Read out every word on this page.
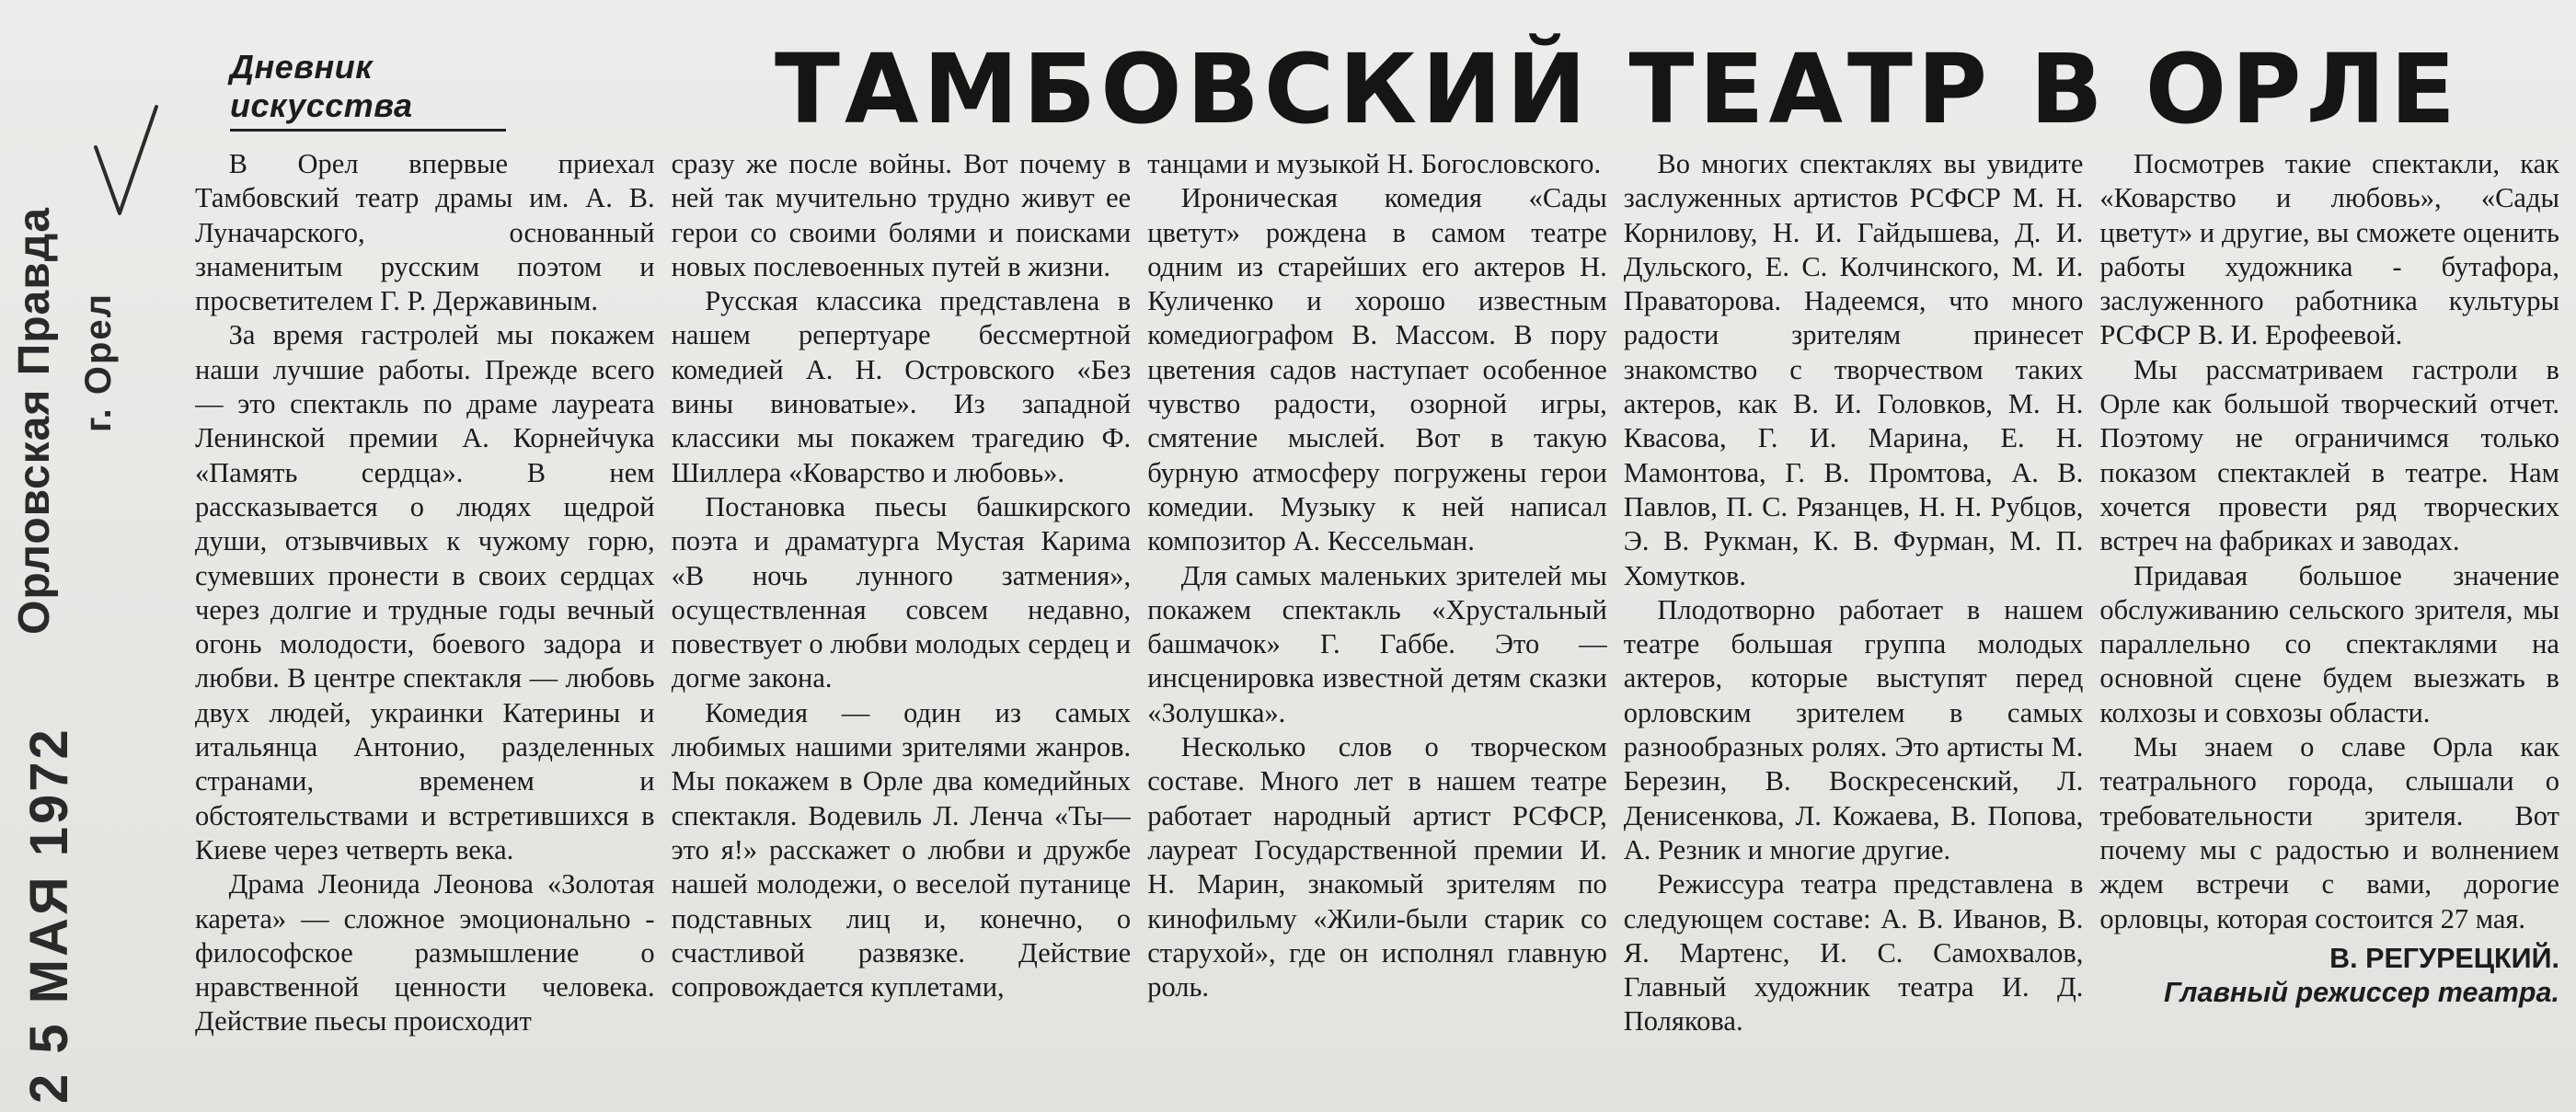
Орловская Правда г. Орел
2 5 МАЯ 1972
Дневник искусства	ТАМБОВСКИЙ ТЕАТР В ОРЛЕ

В Орел впервые приехал Тамбовский театр драмы им. А. В. Луначарского, основанный знаменитым русским поэтом и просветителем Г. Р. Державиным.

За время гастролей мы покажем наши лучшие работы. Прежде всего — это спектакль по драме лауреата Ленинской премии А. Корнейчука «Память сердца». В нем рассказывается о людях щедрой души, отзывчивых к чужому горю, сумевших пронести в своих сердцах через долгие и трудные годы вечный огонь молодости, боевого задора и любви. В центре спектакля — любовь двух людей, украинки Катерины и итальянца Антонио, разделенных странами, временем и обстоятельствами и встретившихся в Киеве через четверть века.

Драма Леонида Леонова «Золотая карета» — сложное эмоционально - философское размышление о нравственной ценности человека. Действие пьесы происходит

сразу же после войны. Вот почему в ней так мучительно трудно живут ее герои со своими болями и поисками новых послевоенных путей в жизни.

Русская классика представлена в нашем репертуаре бессмертной комедией А. Н. Островского «Без вины виноватые». Из западной классики мы покажем трагедию Ф. Шиллера «Коварство и любовь».

Постановка пьесы башкирского поэта и драматурга Мустая Карима «В ночь лунного затмения», осуществленная совсем недавно, повествует о любви молодых сердец и догме закона.

Комедия — один из самых любимых нашими зрителями жанров. Мы покажем в Орле два комедийных спектакля. Водевиль Л. Ленча «Ты— это я!» расскажет о любви и дружбе нашей молодежи, о веселой путанице подставных лиц и, конечно, о счастливой развязке. Действие сопровождается куплетами,

танцами и музыкой Н. Богословского.

Ироническая комедия «Сады цветут» рождена в самом театре одним из старейших его актеров Н. Куличенко и хорошо известным комедиографом В. Массом. В пору цветения садов наступает особенное чувство радости, озорной игры, смятение мыслей. Вот в такую бурную атмосферу погружены герои комедии. Музыку к ней написал композитор А. Кессельман.

Для самых маленьких зрителей мы покажем спектакль «Хрустальный башмачок» Г. Габбе. Это — инсценировка известной детям сказки «Золушка».

Несколько слов о творческом составе. Много лет в нашем театре работает народный артист РСФСР, лауреат Государственной премии И. Н. Марин, знакомый зрителям по кинофильму «Жили-были старик со старухой», где он исполнял главную роль.

Во многих спектаклях вы увидите заслуженных артистов РСФСР М. Н. Корнилову, Н. И. Гайдышева, Д. И. Дульского, Е. С. Колчинского, М. И. Праваторова. Надеемся, что много радости зрителям принесет знакомство с творчеством таких актеров, как В. И. Головков, М. Н. Квасова, Г. И. Марина, Е. Н. Мамонтова, Г. В. Промтова, А. В. Павлов, П. С. Рязанцев, Н. Н. Рубцов, Э. В. Рукман, К. В. Фурман, М. П. Хомутков.

Плодотворно работает в нашем театре большая группа молодых актеров, которые выступят перед орловским зрителем в самых разнообразных ролях. Это артисты М. Березин, В. Воскресенский, Л. Денисенкова, Л. Кожаева, В. Попова, А. Резник и многие другие.

Режиссура театра представлена в следующем составе: А. В. Иванов, В. Я. Мартенс, И. С. Самохвалов, Главный художник театра И. Д. Полякова.

Посмотрев такие спектакли, как «Коварство и любовь», «Сады цветут» и другие, вы сможете оценить работы художника - бутафора, заслуженного работника культуры РСФСР В. И. Ерофеевой.

Мы рассматриваем гастроли в Орле как большой творческий отчет. Поэтому не ограничимся только показом спектаклей в театре. Нам хочется провести ряд творческих встреч на фабриках и заводах.

Придавая большое значение обслуживанию сельского зрителя, мы параллельно со спектаклями на основной сцене будем выезжать в колхозы и совхозы области.

Мы знаем о славе Орла как театрального города, слышали о требовательности зрителя. Вот почему мы с радостью и волнением ждем встречи с вами, дорогие орловцы, которая состоится 27 мая.

В. РЕГУРЕЦКИЙ.
Главный режиссер театра.
